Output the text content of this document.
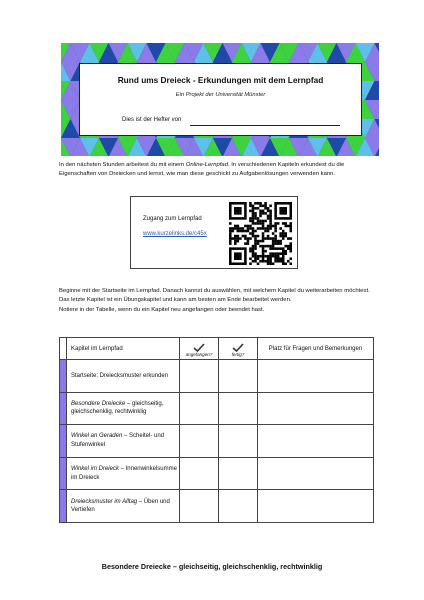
Rund ums Dreieck - Erkundungen mit dem Lernpfad
Ein Projekt der Universität Münster
Dies ist der Hefter von

In den nächsten Stunden arbeitest du mit einem Online-Lernpfad. In verschiedenen Kapiteln erkundest du die Eigenschaften von Dreiecken und lernst, wie man diese geschickt zu Aufgabenlösungen verwenden kann.

Zugang zum Lernpfad
www.kurzelinks.de/c45x

Beginne mit der Startseite im Lernpfad. Danach kannst du auswählen, mit welchem Kapitel du weiterarbeiten möchtest. Das letzte Kapitel ist ein Übungskapitel und kann am besten am Ende bearbeitet werden.

Notiere in der Tabelle, wenn du ein Kapitel neu angefangen oder beendet hast.

	Kapitel im Lernpfad	angefangen?	fertig?	Platz für Fragen und Bemerkungen
	Startseite: Dreiecksmuster erkunden			
	Besondere Dreiecke – gleichseitig, gleichschenklig, rechtwinklig			
	Winkel an Geraden – Scheitel- und Stufenwinkel			
	Winkel im Dreieck – Innenwinkelsumme im Dreieck			
	Dreiecksmuster im Alltag – Üben und Vertiefen			
Besondere Dreiecke – gleichseitig, gleichschenklig, rechtwinklig
